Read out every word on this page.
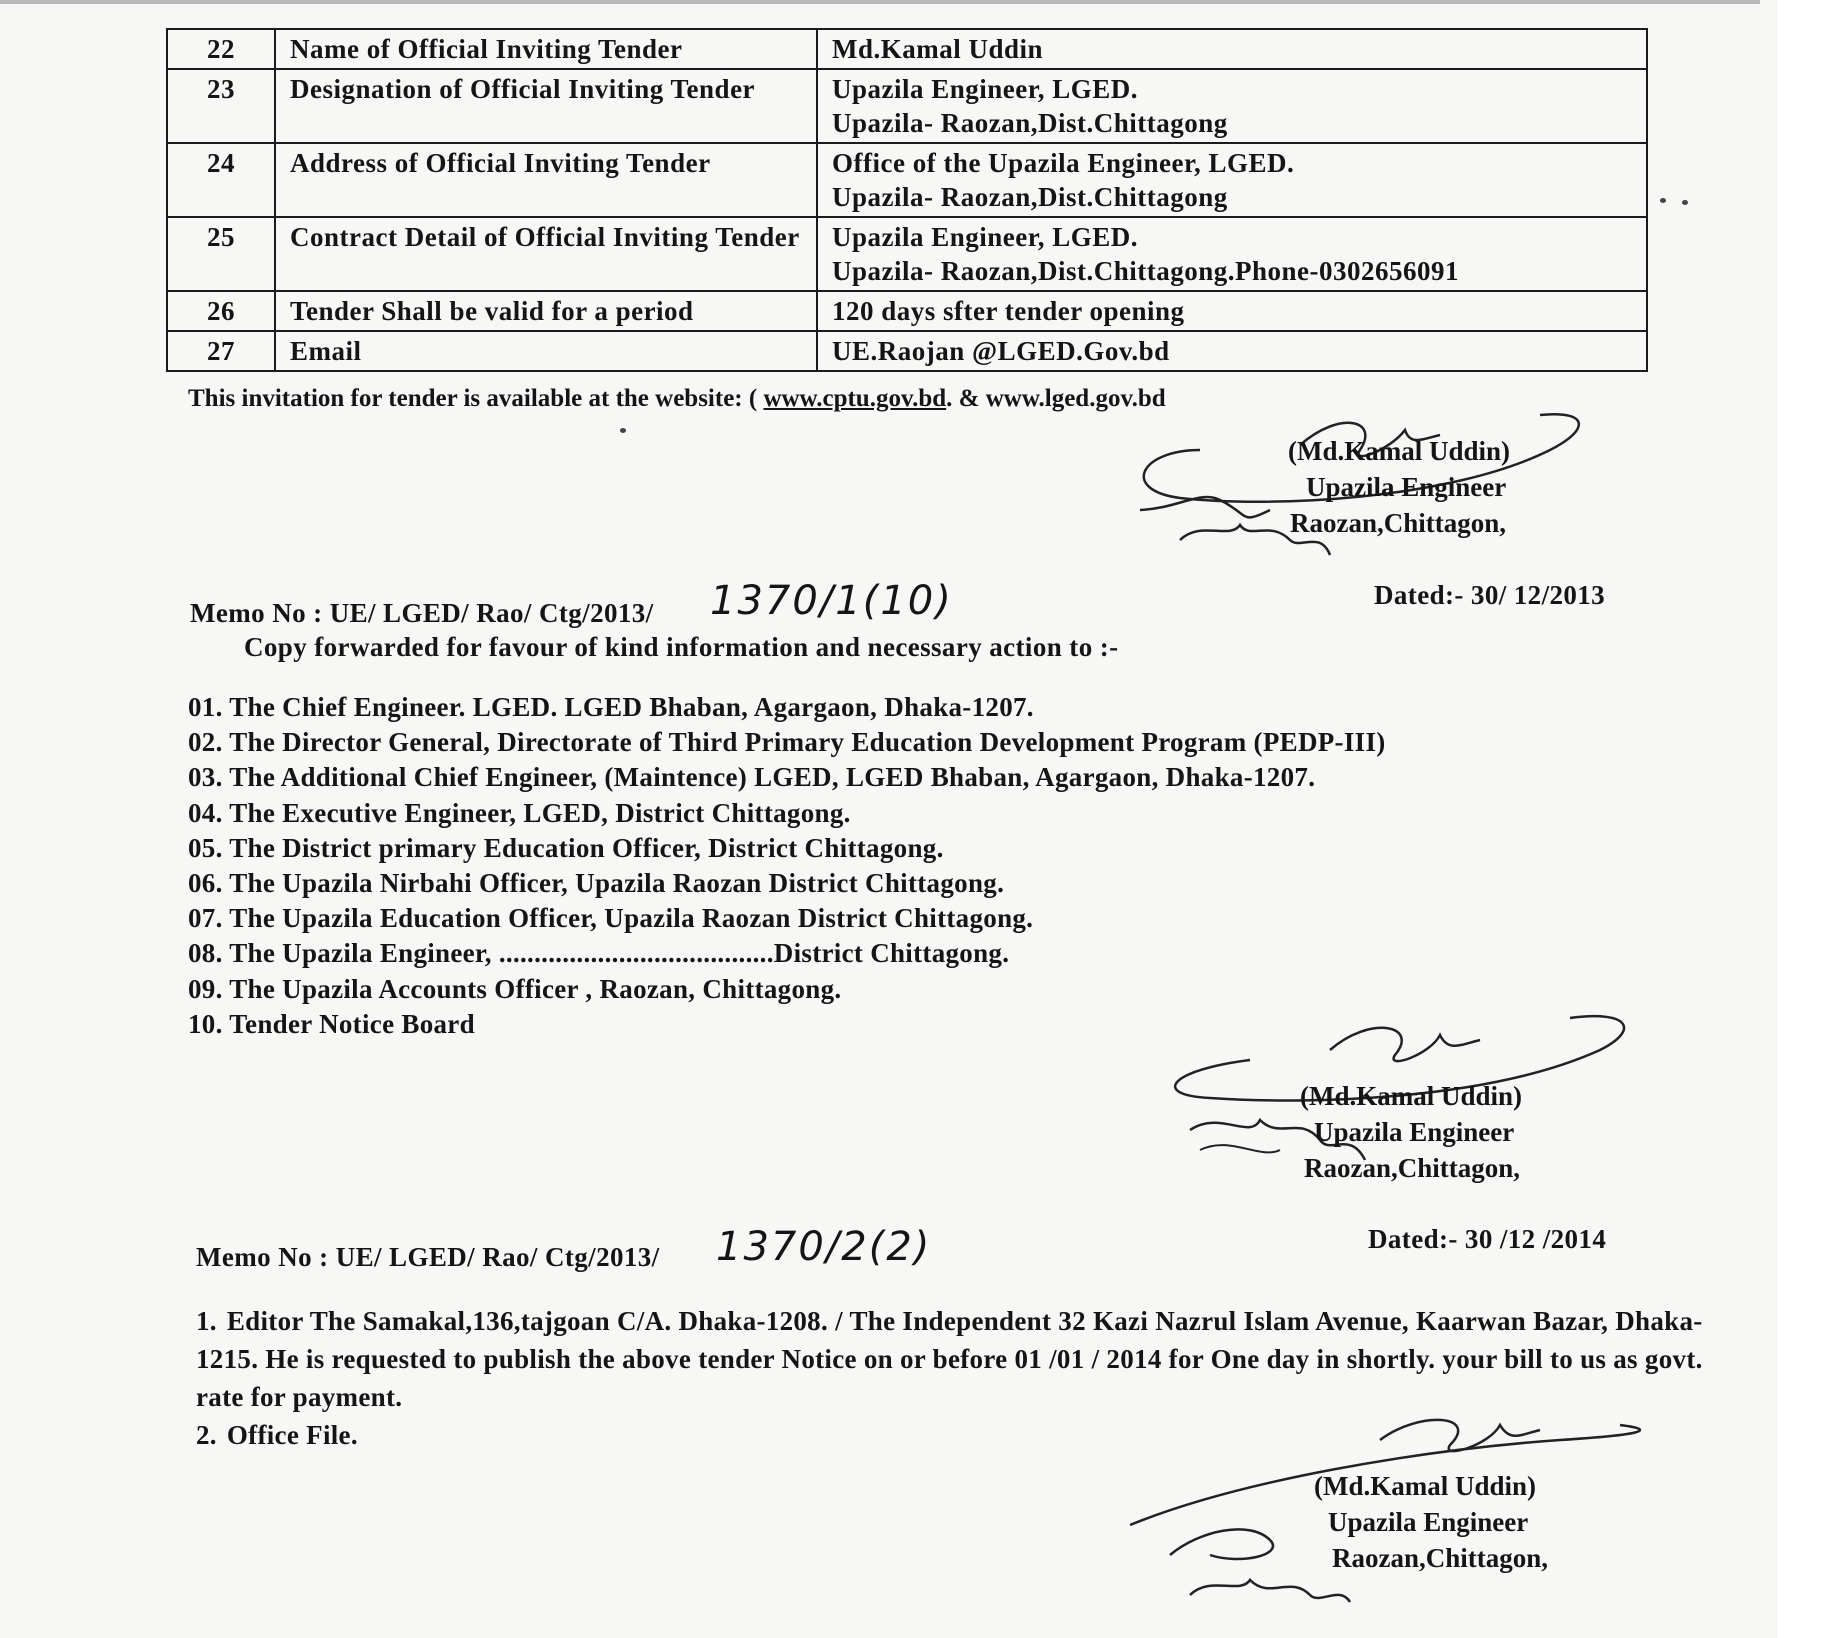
22	Name of Official Inviting Tender	Md.Kamal Uddin

23	Designation of Official Inviting Tender	Upazila Engineer, LGED.
Upazila- Raozan,Dist.Chittagong

24	Address of Official Inviting Tender	Office of the Upazila Engineer, LGED.
Upazila- Raozan,Dist.Chittagong

25	Contract Detail of Official Inviting Tender	Upazila Engineer, LGED.
Upazila- Raozan,Dist.Chittagong.Phone-0302656091

26	Tender Shall be valid for a period	120 days sfter tender opening

27	Email	UE.Raojan @LGED.Gov.bd
This invitation for tender is available at the website: ( www.cptu.gov.bd. & www.lged.gov.bd
(Md.Kamal Uddin)
Upazila Engineer
Raozan,Chittagon,
Memo No : UE/ LGED/ Rao/ Ctg/2013/ 1370/1(10)	Dated:- 30/ 12/2013
Copy forwarded for favour of kind information and necessary action to :-
01. The Chief Engineer. LGED. LGED Bhaban, Agargaon, Dhaka-1207.
02. The Director General, Directorate of Third Primary Education Development Program (PEDP-III)
03. The Additional Chief Engineer, (Maintence) LGED, LGED Bhaban, Agargaon, Dhaka-1207.
04. The Executive Engineer, LGED, District Chittagong.
05. The District primary Education Officer, District Chittagong.
06. The Upazila Nirbahi Officer, Upazila Raozan District Chittagong.
07. The Upazila Education Officer, Upazila Raozan District Chittagong.
08. The Upazila Engineer, .......................................District Chittagong.
09. The Upazila Accounts Officer , Raozan, Chittagong.
10. Tender Notice Board
(Md.Kamal Uddin)
Upazila Engineer
Raozan,Chittagon,
Memo No : UE/ LGED/ Rao/ Ctg/2013/ 1370/2(2)	Dated:- 30 /12 /2014
1. Editor The Samakal,136,tajgoan C/A. Dhaka-1208. / The Independent 32 Kazi Nazrul Islam Avenue, Kaarwan Bazar, Dhaka-1215. He is requested to publish the above tender Notice on or before 01 /01 / 2014 for One day in shortly. your bill to us as govt. rate for payment.
2. Office File.
(Md.Kamal Uddin)
Upazila Engineer
Raozan,Chittagon,
